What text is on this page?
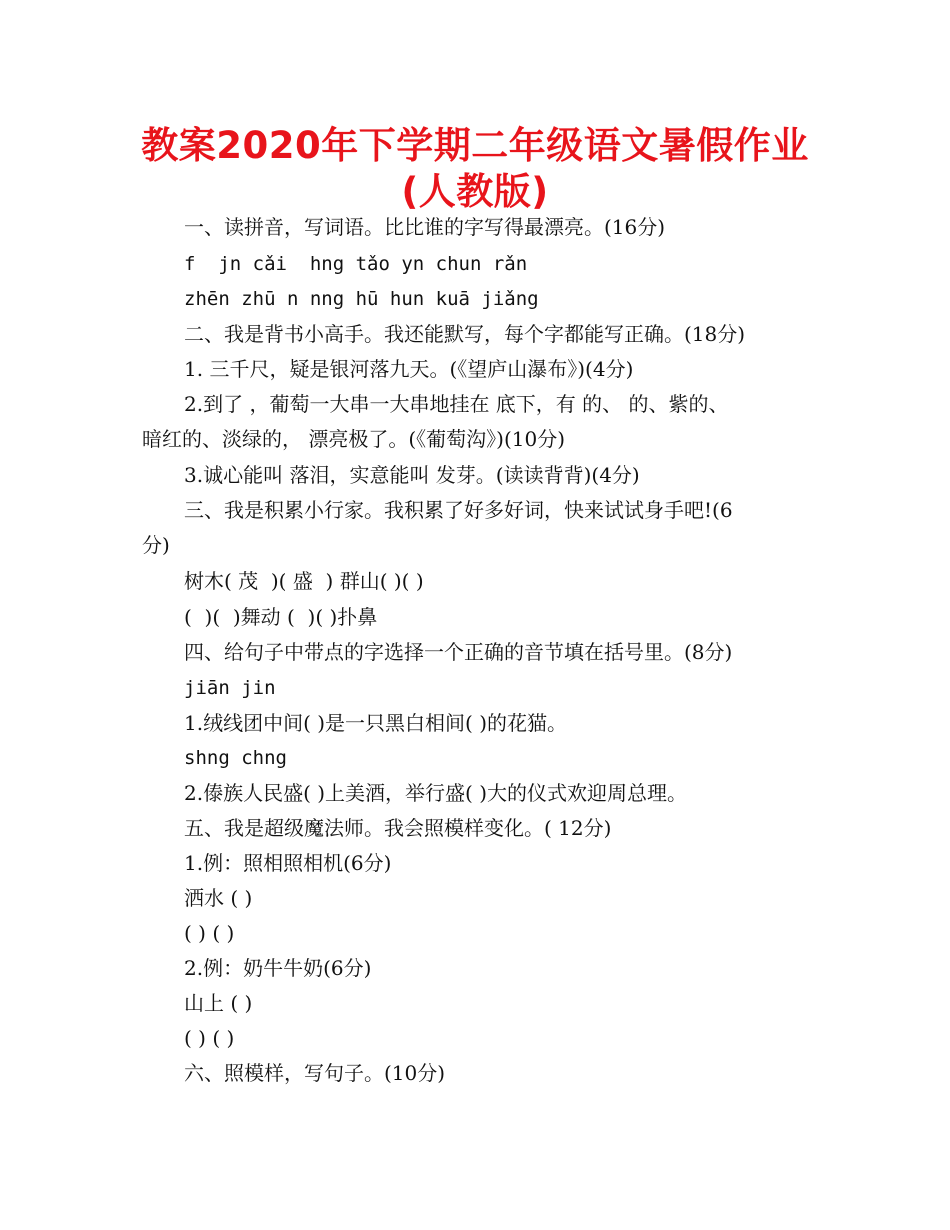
教案2020年下学期二年级语文暑假作业
(人教版)

一、读拼音，写词语。比比谁的字写得最漂亮。(16分)

f  jn cǎi  hng tǎo yn chun rǎn

zhēn zhū n nng hū hun kuā jiǎng

二、我是背书小高手。我还能默写，每个字都能写正确。(18分)

1. 三千尺，疑是银河落九天。(《望庐山瀑布》)(4分)

2.到了 ，葡萄一大串一大串地挂在 底下，有 的、 的、紫的、

暗红的、淡绿的， 漂亮极了。(《葡萄沟》)(10分)

3.诚心能叫 落泪，实意能叫 发芽。(读读背背)(4分)

三、我是积累小行家。我积累了好多好词，快来试试身手吧!(6

分)

树木( 茂  )( 盛  ) 群山( )( )

(  )(  )舞动 (  )( )扑鼻

四、给句子中带点的字选择一个正确的音节填在括号里。(8分)

jiān jin

1.绒线团中间( )是一只黑白相间( )的花猫。

shng chng

2.傣族人民盛( )上美酒，举行盛( )大的仪式欢迎周总理。

五、我是超级魔法师。我会照模样变化。( 12分)

1.例：照相照相机(6分)

洒水 ( )

( ) ( )

2.例：奶牛牛奶(6分)

山上 ( )

( ) ( )

六、照模样，写句子。(10分)
